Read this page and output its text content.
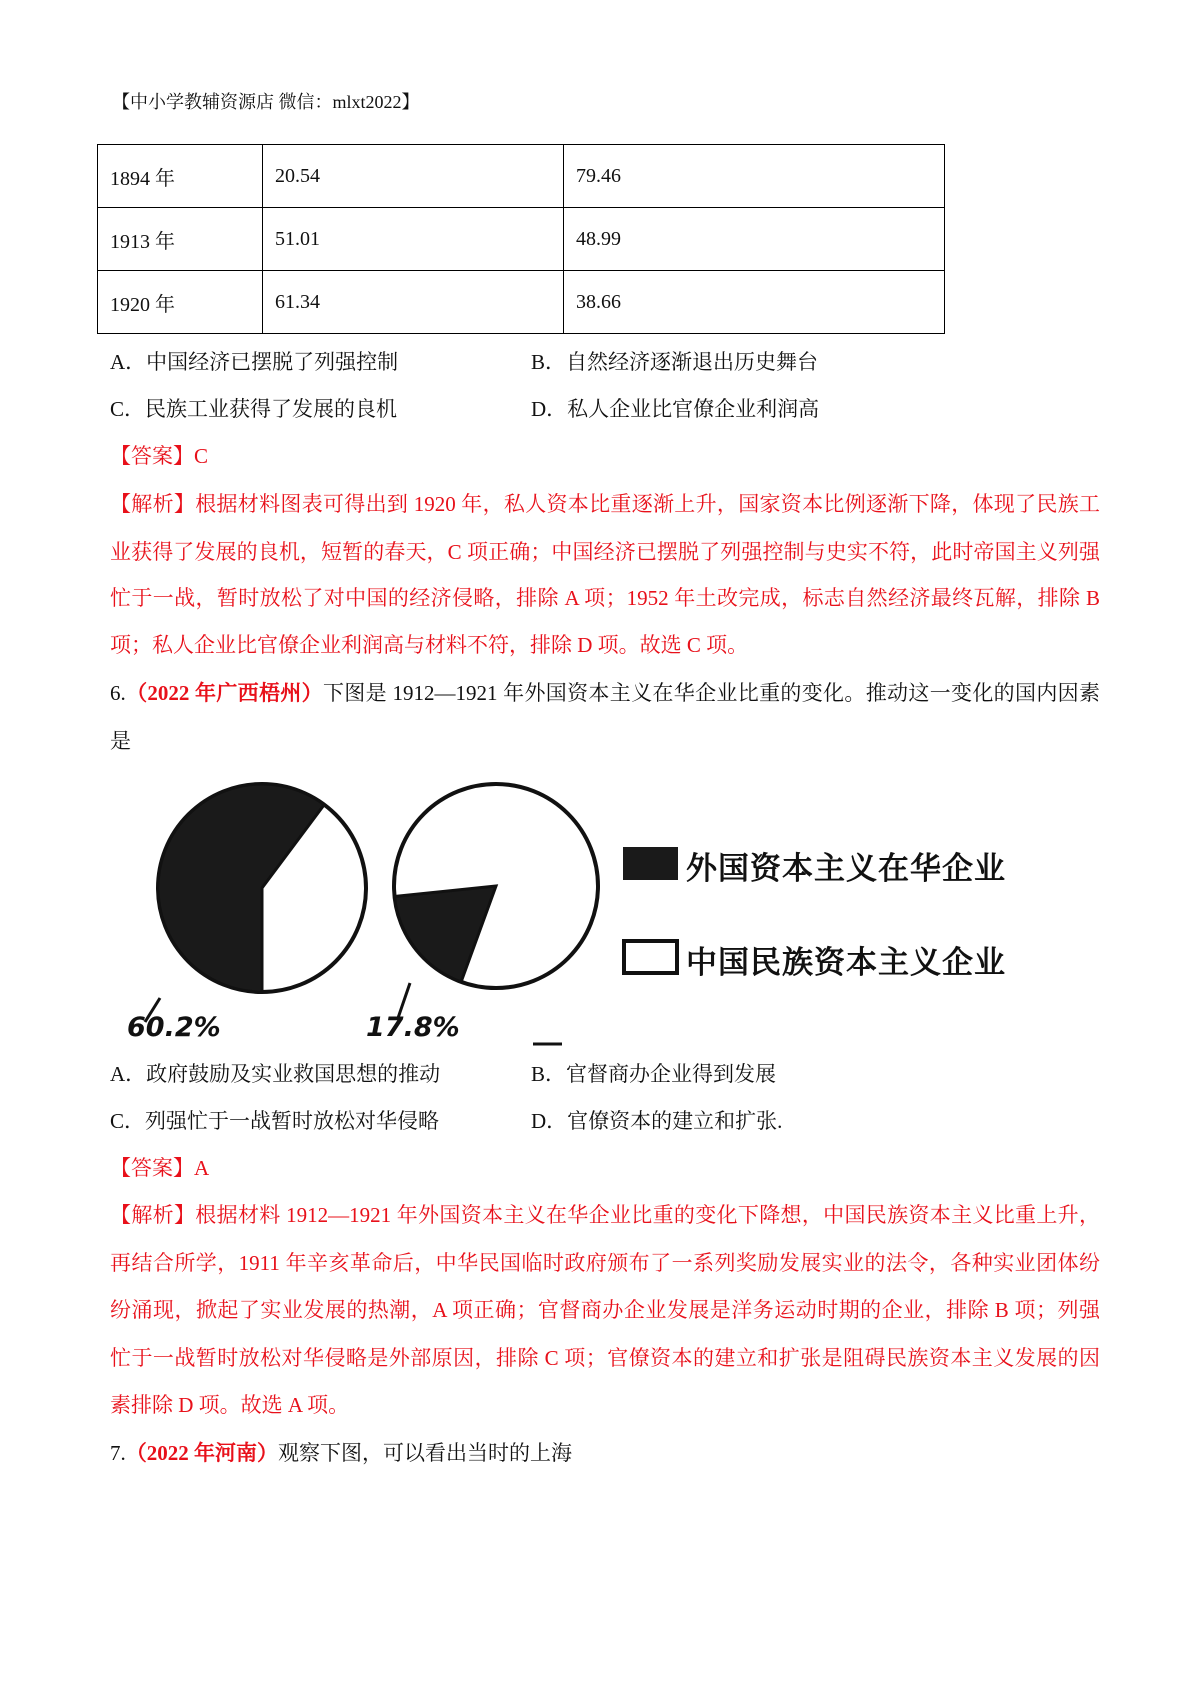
【中小学教辅资源店 微信：mlxt2022】
1894 年	20.54	79.46
1913 年	51.01	48.99
1920 年	61.34	38.66
A．中国经济已摆脱了列强控制	B．自然经济逐渐退出历史舞台
C．民族工业获得了发展的良机	D．私人企业比官僚企业利润高
【答案】C
【解析】根据材料图表可得出到 1920 年，私人资本比重逐渐上升，国家资本比例逐渐下降，体现了民族工
业获得了发展的良机，短暂的春天，C 项正确；中国经济已摆脱了列强控制与史实不符，此时帝国主义列强
忙于一战，暂时放松了对中国的经济侵略，排除 A 项；1952 年土改完成，标志自然经济最终瓦解，排除 B
项；私人企业比官僚企业利润高与材料不符，排除 D 项。故选 C 项。
6.（2022 年广西梧州）下图是 1912—1921 年外国资本主义在华企业比重的变化。推动这一变化的国内因素
是
外国资本主义在华企业
中国民族资本主义企业
60.2%	17.8%
A．政府鼓励及实业救国思想的推动	B．官督商办企业得到发展
C．列强忙于一战暂时放松对华侵略	D．官僚资本的建立和扩张.
【答案】A
【解析】根据材料 1912—1921 年外国资本主义在华企业比重的变化下降想，中国民族资本主义比重上升，
再结合所学，1911 年辛亥革命后，中华民国临时政府颁布了一系列奖励发展实业的法令，各种实业团体纷
纷涌现，掀起了实业发展的热潮，A 项正确；官督商办企业发展是洋务运动时期的企业，排除 B 项；列强
忙于一战暂时放松对华侵略是外部原因，排除 C 项；官僚资本的建立和扩张是阻碍民族资本主义发展的因
素排除 D 项。故选 A 项。
7.（2022 年河南）观察下图，可以看出当时的上海
